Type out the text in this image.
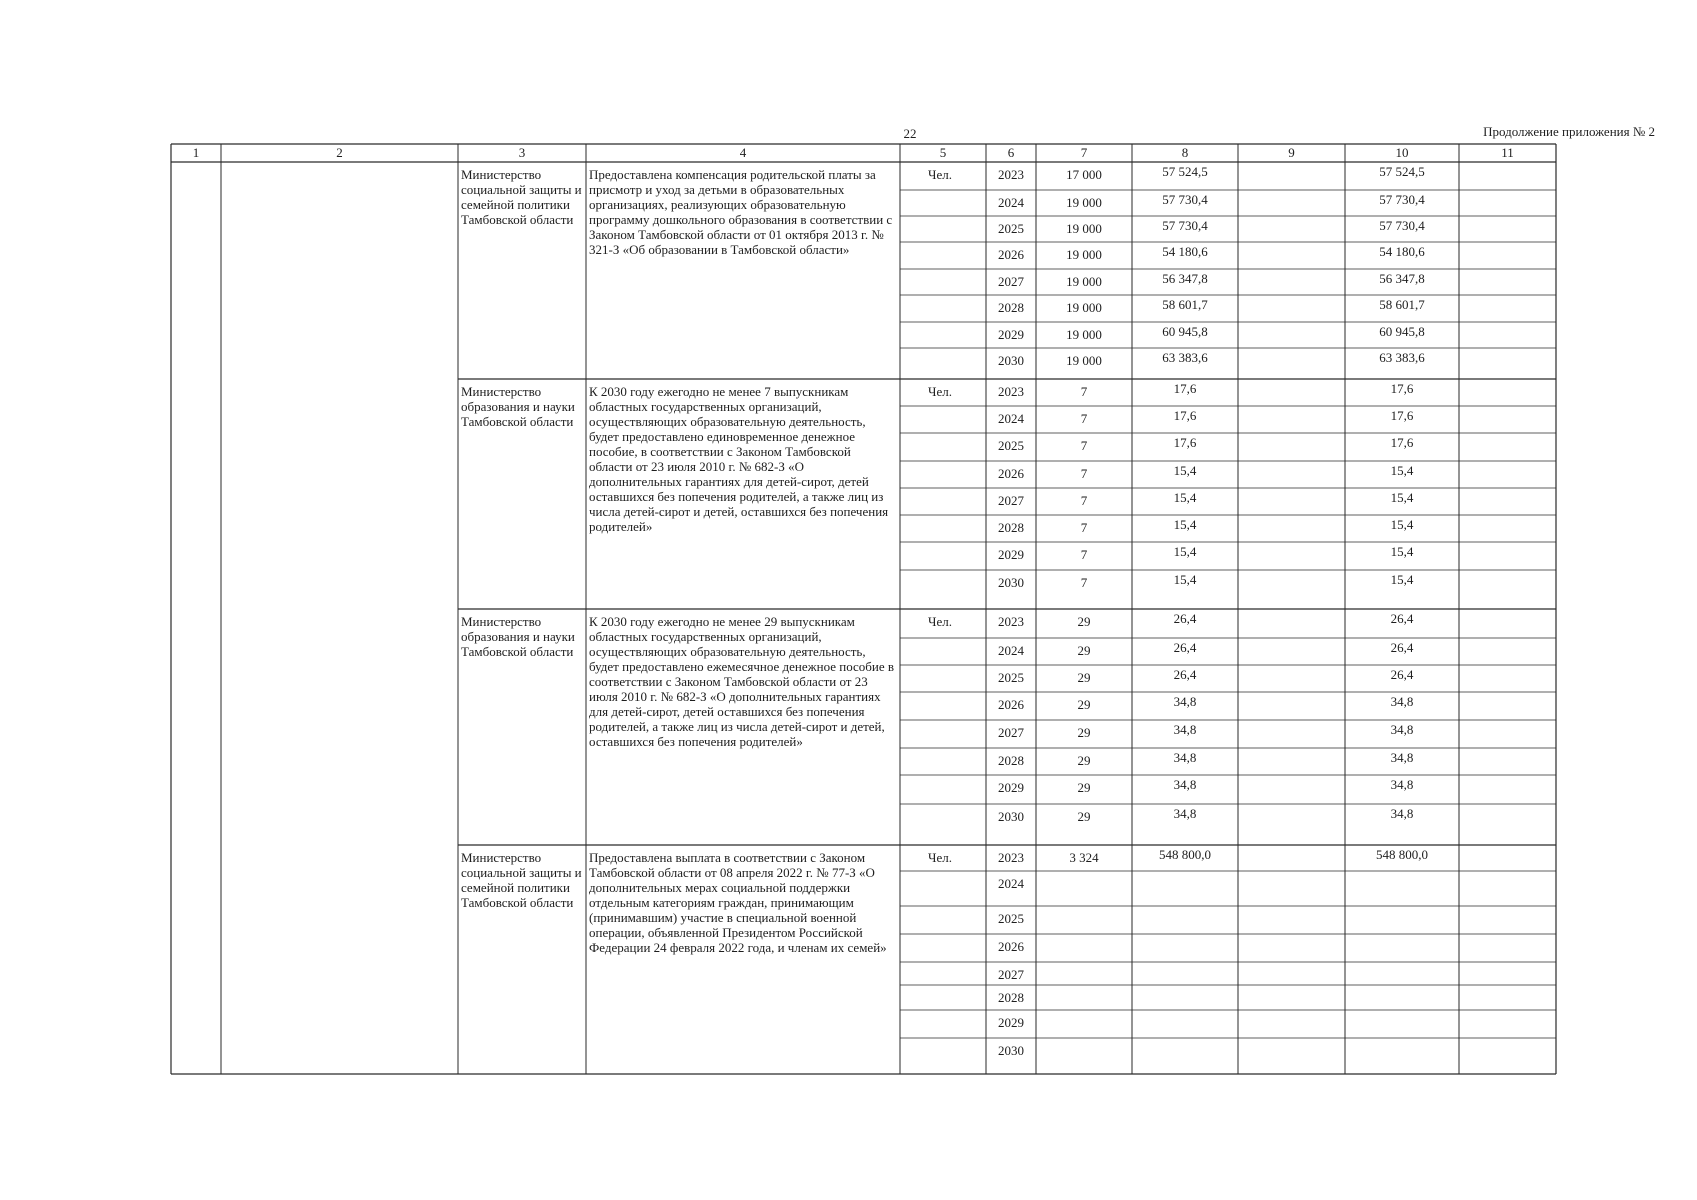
22	Продолжение приложения № 2
1	2	3	4	5	6	7	8	9	10	11
Министерство социальной защиты и семейной политики Тамбовской области
Предоставлена компенсация родительской платы за присмотр и уход за детьми в образовательных организациях, реализующих образовательную программу дошкольного образования в соответствии с Законом Тамбовской области от 01 октября 2013 г. № 321-З «Об образовании в Тамбовской области»
Чел.	2023	17 000	57 524,5	57 524,5
2024	19 000	57 730,4	57 730,4
2025	19 000	57 730,4	57 730,4
2026	19 000	54 180,6	54 180,6
2027	19 000	56 347,8	56 347,8
2028	19 000	58 601,7	58 601,7
2029	19 000	60 945,8	60 945,8
2030	19 000	63 383,6	63 383,6
Министерство образования и науки Тамбовской области
К 2030 году ежегодно не менее 7 выпускникам областных государственных организаций, осуществляющих образовательную деятельность, будет предоставлено единовременное денежное пособие, в соответствии с Законом Тамбовской области от 23 июля 2010 г. № 682-З «О дополнительных гарантиях для детей-сирот, детей оставшихся без попечения родителей, а также лиц из числа детей-сирот и детей, оставшихся без попечения родителей»
Чел.	2023	7	17,6	17,6
2024	7	17,6	17,6
2025	7	17,6	17,6
2026	7	15,4	15,4
2027	7	15,4	15,4
2028	7	15,4	15,4
2029	7	15,4	15,4
2030	7	15,4	15,4
Министерство образования и науки Тамбовской области
К 2030 году ежегодно не менее 29 выпускникам областных государственных организаций, осуществляющих образовательную деятельность, будет предоставлено ежемесячное денежное пособие в соответствии с Законом Тамбовской области от 23 июля 2010 г. № 682-З «О дополнительных гарантиях для детей-сирот, детей оставшихся без попечения родителей, а также лиц из числа детей-сирот и детей, оставшихся без попечения родителей»
Чел.	2023	29	26,4	26,4
2024	29	26,4	26,4
2025	29	26,4	26,4
2026	29	34,8	34,8
2027	29	34,8	34,8
2028	29	34,8	34,8
2029	29	34,8	34,8
2030	29	34,8	34,8
Министерство социальной защиты и семейной политики Тамбовской области
Предоставлена выплата в соответствии с Законом Тамбовской области от 08 апреля 2022 г. № 77-З «О дополнительных мерах социальной поддержки отдельным категориям граждан, принимающим (принимавшим) участие в специальной военной операции, объявленной Президентом Российской Федерации 24 февраля 2022 года, и членам их семей»
Чел.	2023	3 324	548 800,0	548 800,0
2024
2025
2026
2027
2028
2029
2030
